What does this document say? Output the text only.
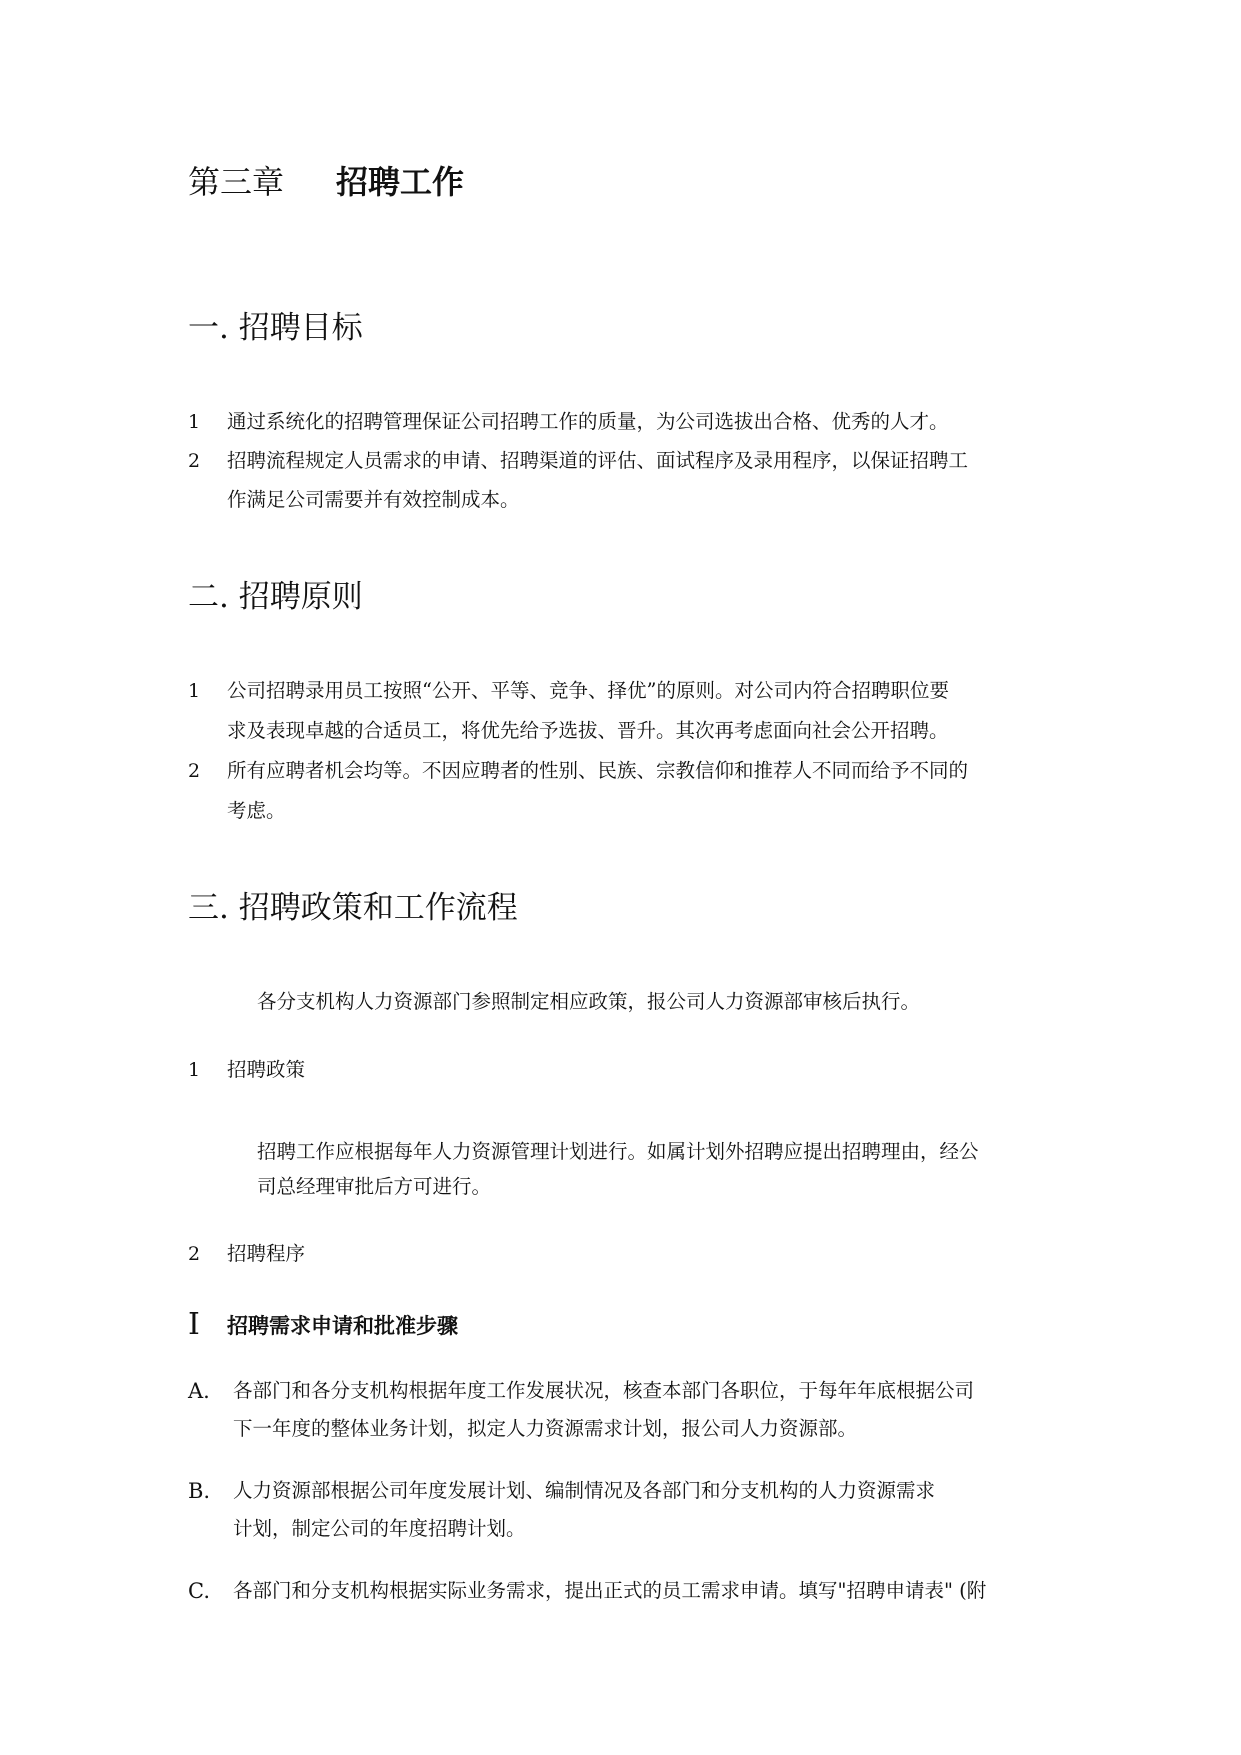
第三章 招聘工作
一. 招聘目标
1	通过系统化的招聘管理保证公司招聘工作的质量，为公司选拔出合格、优秀的人才。
2	招聘流程规定人员需求的申请、招聘渠道的评估、面试程序及录用程序，以保证招聘工
作满足公司需要并有效控制成本。
二. 招聘原则
1	公司招聘录用员工按照“公开、平等、竞争、择优”的原则。对公司内符合招聘职位要
求及表现卓越的合适员工，将优先给予选拔、晋升。其次再考虑面向社会公开招聘。
2	所有应聘者机会均等。不因应聘者的性别、民族、宗教信仰和推荐人不同而给予不同的
考虑。
三. 招聘政策和工作流程
各分支机构人力资源部门参照制定相应政策，报公司人力资源部审核后执行。
1	招聘政策
招聘工作应根据每年人力资源管理计划进行。如属计划外招聘应提出招聘理由，经公
司总经理审批后方可进行。
2	招聘程序
I 招聘需求申请和批准步骤
A. 各部门和各分支机构根据年度工作发展状况，核查本部门各职位，于每年年底根据公司
下一年度的整体业务计划，拟定人力资源需求计划，报公司人力资源部。
B. 人力资源部根据公司年度发展计划、编制情况及各部门和分支机构的人力资源需求
计划，制定公司的年度招聘计划。
C. 各部门和分支机构根据实际业务需求，提出正式的员工需求申请。填写"招聘申请表" (附
